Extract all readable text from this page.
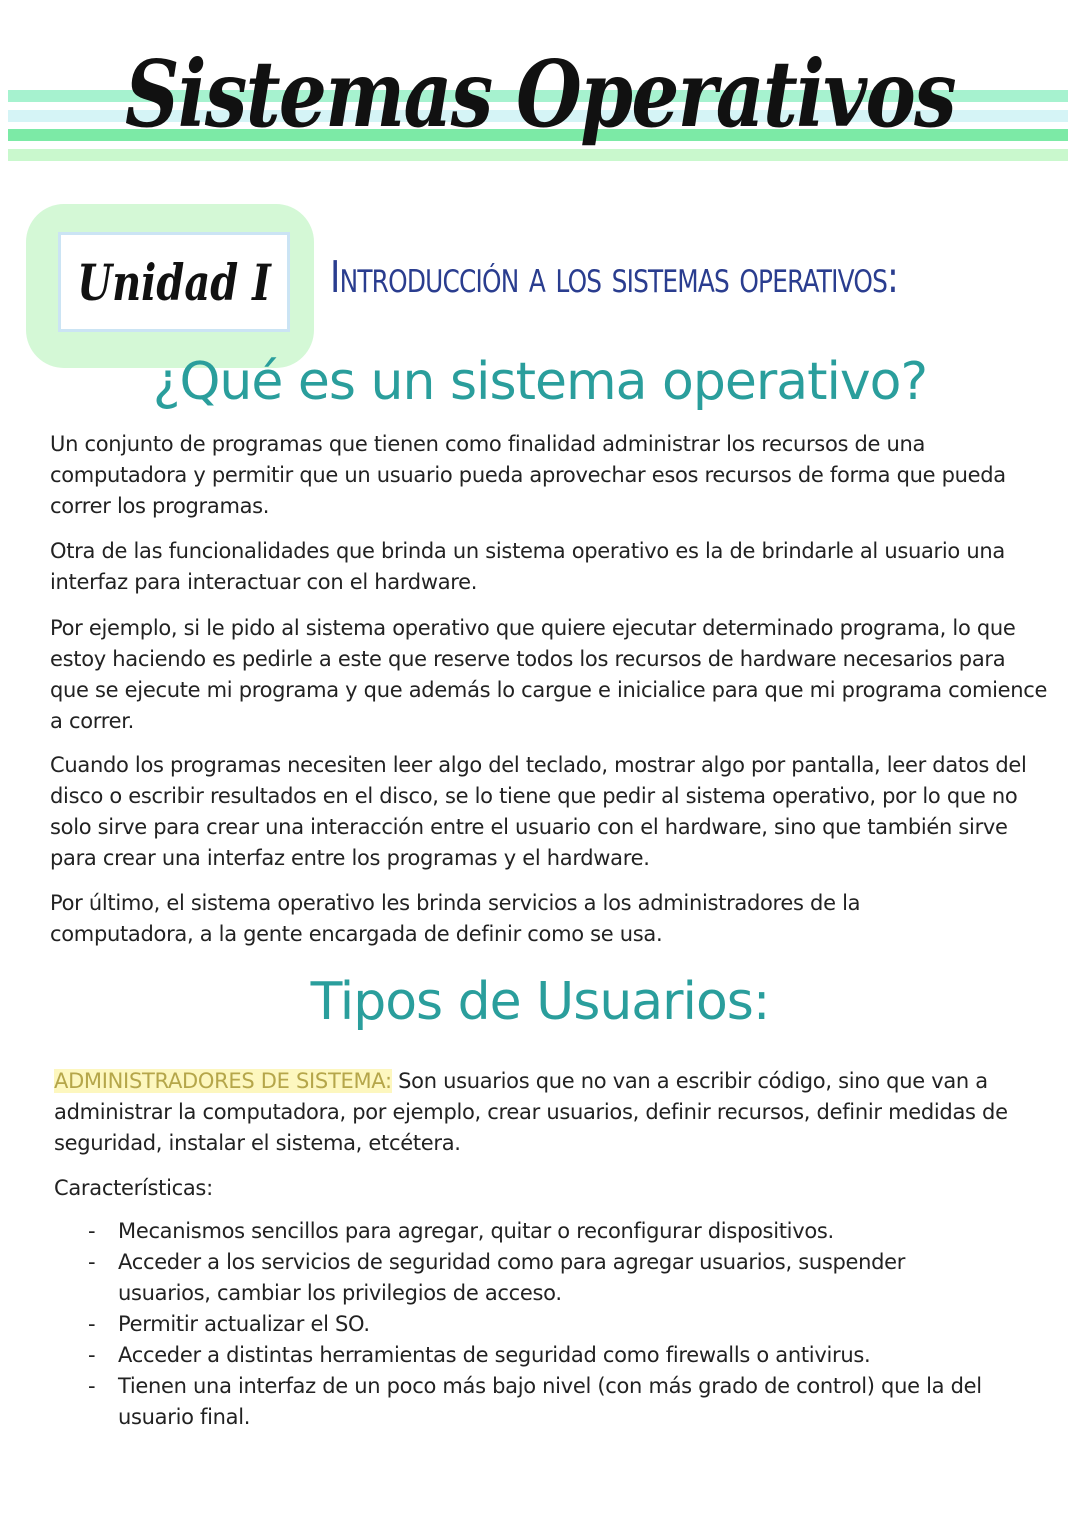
Sistemas Operativos
Unidad I Introducción a los sistemas operativos:
¿Qué es un sistema operativo?

Un conjunto de programas que tienen como finalidad administrar los recursos de una computadora y permitir que un usuario pueda aprovechar esos recursos de forma que pueda correr los programas.

Otra de las funcionalidades que brinda un sistema operativo es la de brindarle al usuario una interfaz para interactuar con el hardware.

Por ejemplo, si le pido al sistema operativo que quiere ejecutar determinado programa, lo que estoy haciendo es pedirle a este que reserve todos los recursos de hardware necesarios para que se ejecute mi programa y que además lo cargue e inicialice para que mi programa comience a correr.

Cuando los programas necesiten leer algo del teclado, mostrar algo por pantalla, leer datos del disco o escribir resultados en el disco, se lo tiene que pedir al sistema operativo, por lo que no solo sirve para crear una interacción entre el usuario con el hardware, sino que también sirve para crear una interfaz entre los programas y el hardware.

Por último, el sistema operativo les brinda servicios a los administradores de la computadora, a la gente encargada de definir como se usa.

Tipos de Usuarios:

ADMINISTRADORES DE SISTEMA: Son usuarios que no van a escribir código, sino que van a administrar la computadora, por ejemplo, crear usuarios, definir recursos, definir medidas de seguridad, instalar el sistema, etcétera.

Características:

- Mecanismos sencillos para agregar, quitar o reconfigurar dispositivos.
- Acceder a los servicios de seguridad como para agregar usuarios, suspender usuarios, cambiar los privilegios de acceso.
- Permitir actualizar el SO.
- Acceder a distintas herramientas de seguridad como firewalls o antivirus.
- Tienen una interfaz de un poco más bajo nivel (con más grado de control) que la del usuario final.
